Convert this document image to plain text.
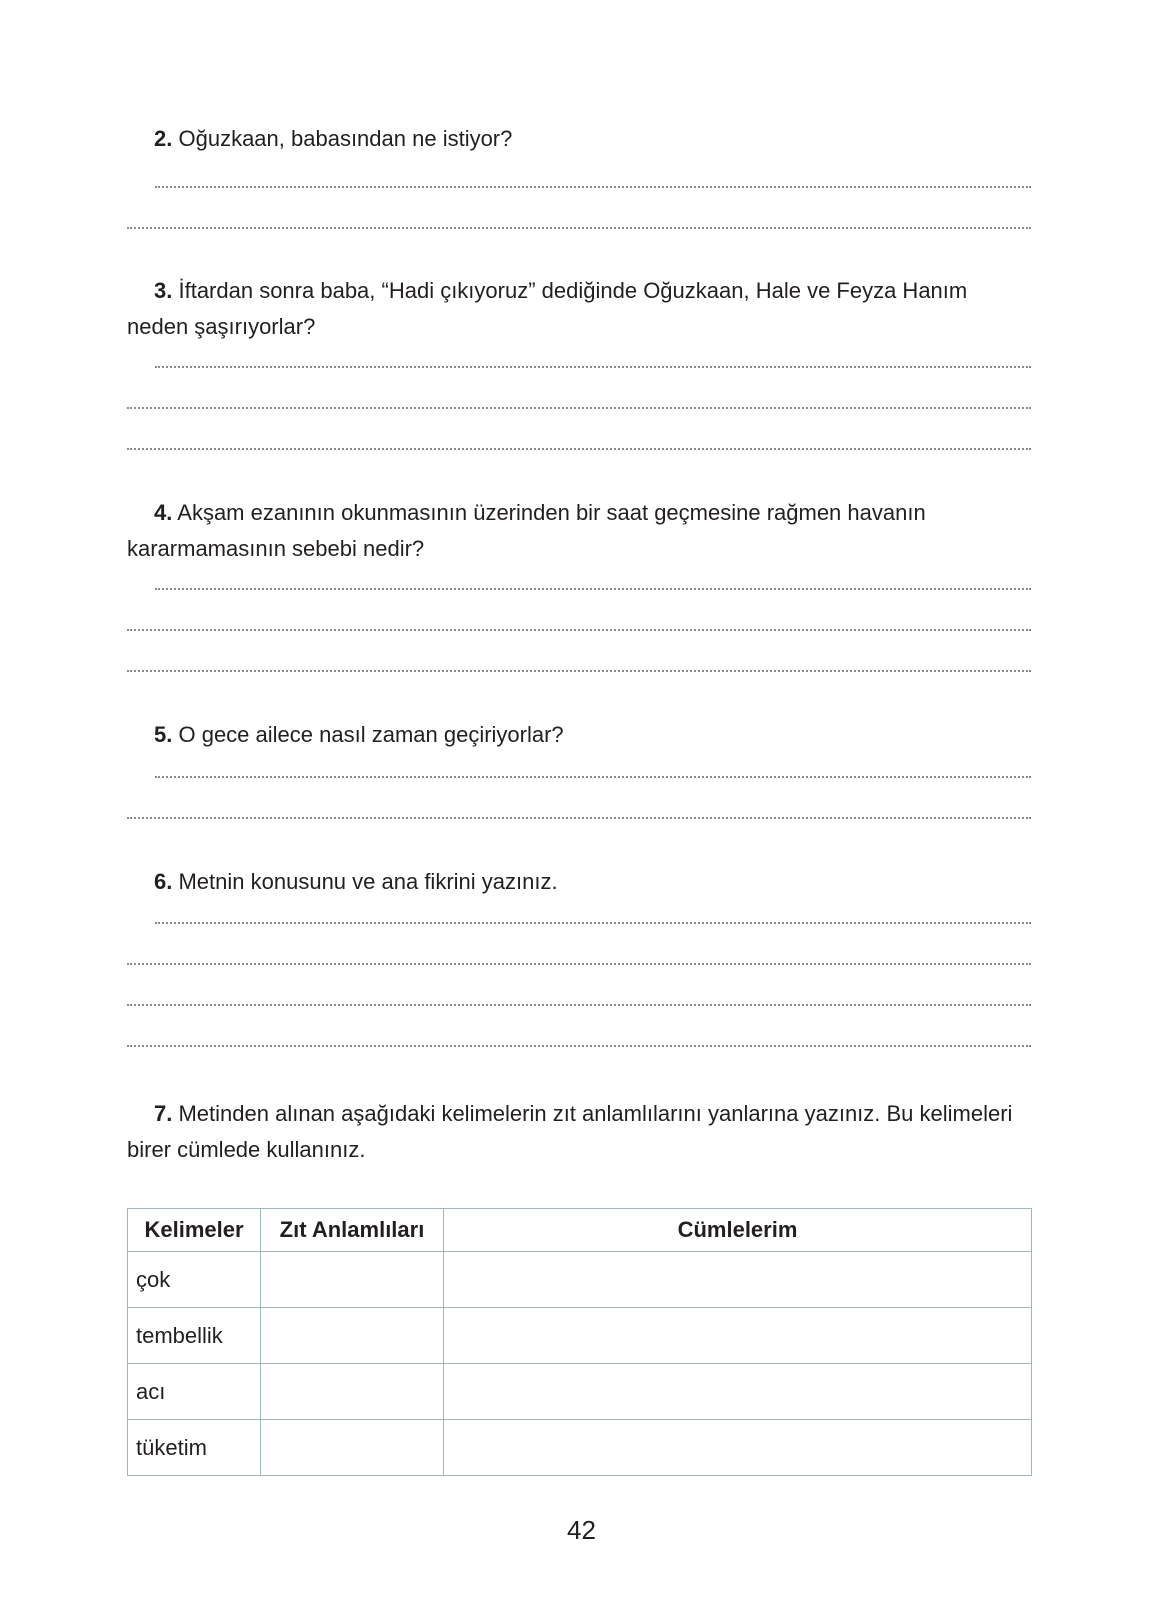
2. Oğuzkaan, babasından ne istiyor?
3. İftardan sonra baba, “Hadi çıkıyoruz” dediğinde Oğuzkaan, Hale ve Feyza Hanım neden şaşırıyorlar?
4. Akşam ezanının okunmasının üzerinden bir saat geçmesine rağmen havanın kararmamasının sebebi nedir?
5. O gece ailece nasıl zaman geçiriyorlar?
6. Metnin konusunu ve ana fikrini yazınız.
7. Metinden alınan aşağıdaki kelimelerin zıt anlamlılarını yanlarına yazınız. Bu kelimeleri birer cümlede kullanınız.
Kelimeler	Zıt Anlamlıları	Cümlelerim
çok		
tembellik		
acı		
tüketim		
42
